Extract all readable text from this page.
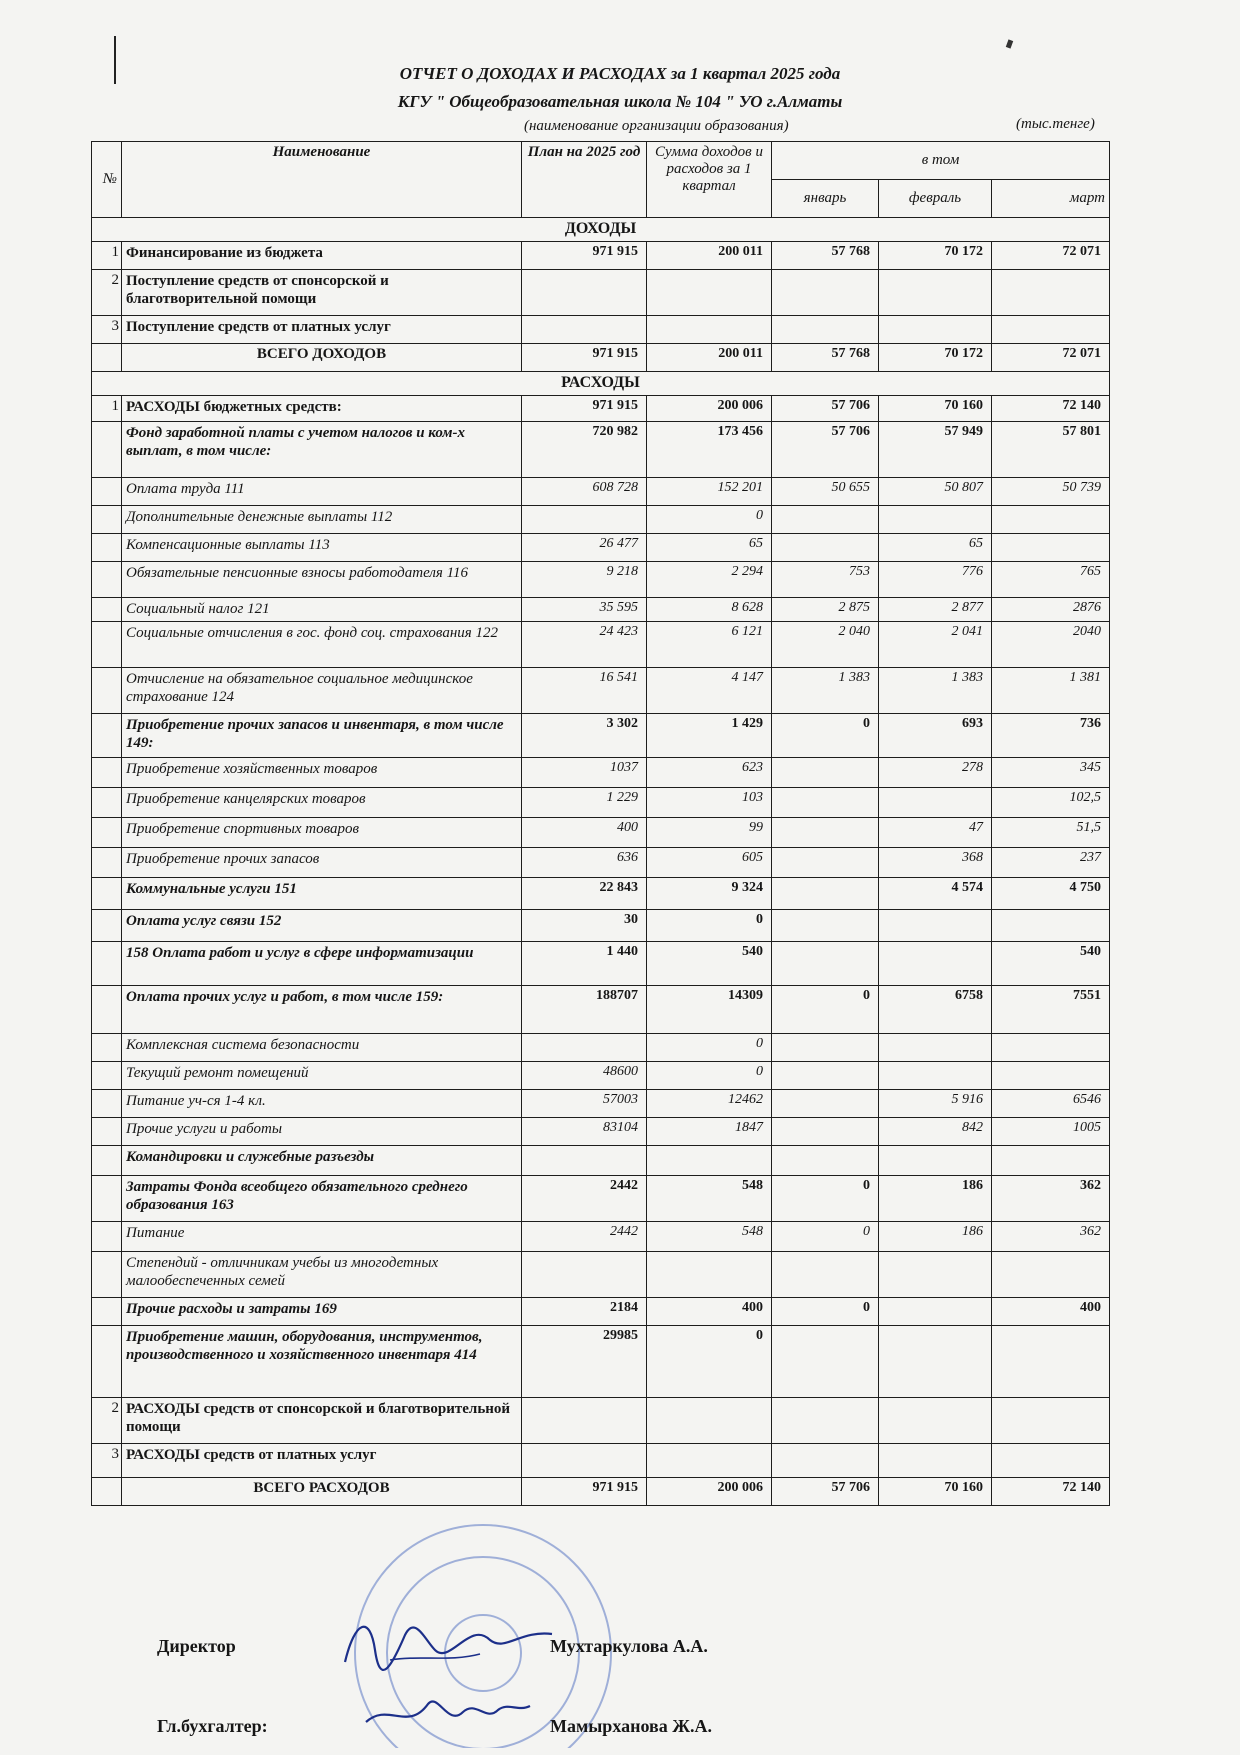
ОТЧЕТ О ДОХОДАХ И РАСХОДАХ за 1 квартал 2025 года
КГУ " Общеобразовательная школа № 104 " УО г.Алматы
(наименование организации образования)	(тыс.тенге)
№	Наименование	План на 2025 год	Сумма доходов и расходов за 1 квартал	в том		
				январь	февраль	март
ДОХОДЫ						
1	Финансирование из бюджета	971 915	200 011	57 768	70 172	72 071
2	Поступление средств от спонсорской и благотворительной помощи					
3	Поступление средств от платных услуг					
	ВСЕГО ДОХОДОВ	971 915	200 011	57 768	70 172	72 071
РАСХОДЫ						
1	РАСХОДЫ бюджетных средств:	971 915	200 006	57 706	70 160	72 140
	Фонд заработной платы с учетом налогов и ком-х выплат, в том числе:	720 982	173 456	57 706	57 949	57 801
	Оплата труда 111	608 728	152 201	50 655	50 807	50 739
	Дополнительные денежные выплаты 112		0			
	Компенсационные выплаты 113	26 477	65		65	
	Обязательные пенсионные взносы работодателя 116	9 218	2 294	753	776	765
	Социальный налог 121	35 595	8 628	2 875	2 877	2876
	Социальные отчисления в гос. фонд соц. страхования 122	24 423	6 121	2 040	2 041	2040
	Отчисление на обязательное социальное медицинское страхование 124	16 541	4 147	1 383	1 383	1 381
	Приобретение прочих запасов и инвентаря, в том числе 149:	3 302	1 429	0	693	736
	Приобретение хозяйственных товаров	1037	623		278	345
	Приобретение канцелярских товаров	1 229	103			102,5
	Приобретение спортивных товаров	400	99		47	51,5
	Приобретение прочих запасов	636	605		368	237
	Коммунальные услуги 151	22 843	9 324		4 574	4 750
	Оплата услуг связи 152	30	0			
	158 Оплата работ и услуг в сфере информатизации	1 440	540			540
	Оплата прочих услуг и работ, в том числе 159:	188707	14309	0	6758	7551
	Комплексная система безопасности		0			
	Текущий ремонт помещений	48600	0			
	Питание уч-ся 1-4 кл.	57003	12462		5 916	6546
	Прочие услуги и работы	83104	1847		842	1005
	Командировки и служебные разъезды					
	Затраты Фонда всеобщего обязательного среднего образования 163	2442	548	0	186	362
	Питание	2442	548	0	186	362
	Степендий - отличникам учебы из многодетных малообеспеченных семей					
	Прочие расходы и затраты 169	2184	400	0		400
	Приобретение машин, оборудования, инструментов, производственного и хозяйственного инвентаря 414	29985	0			
2	РАСХОДЫ средств от спонсорской и благотворительной помощи					
3	РАСХОДЫ средств от платных услуг					
	ВСЕГО РАСХОДОВ	971 915	200 006	57 706	70 160	72 140
Директор	Мухтаркулова А.А.
Гл.бухгалтер:	Мамырханова Ж.А.
